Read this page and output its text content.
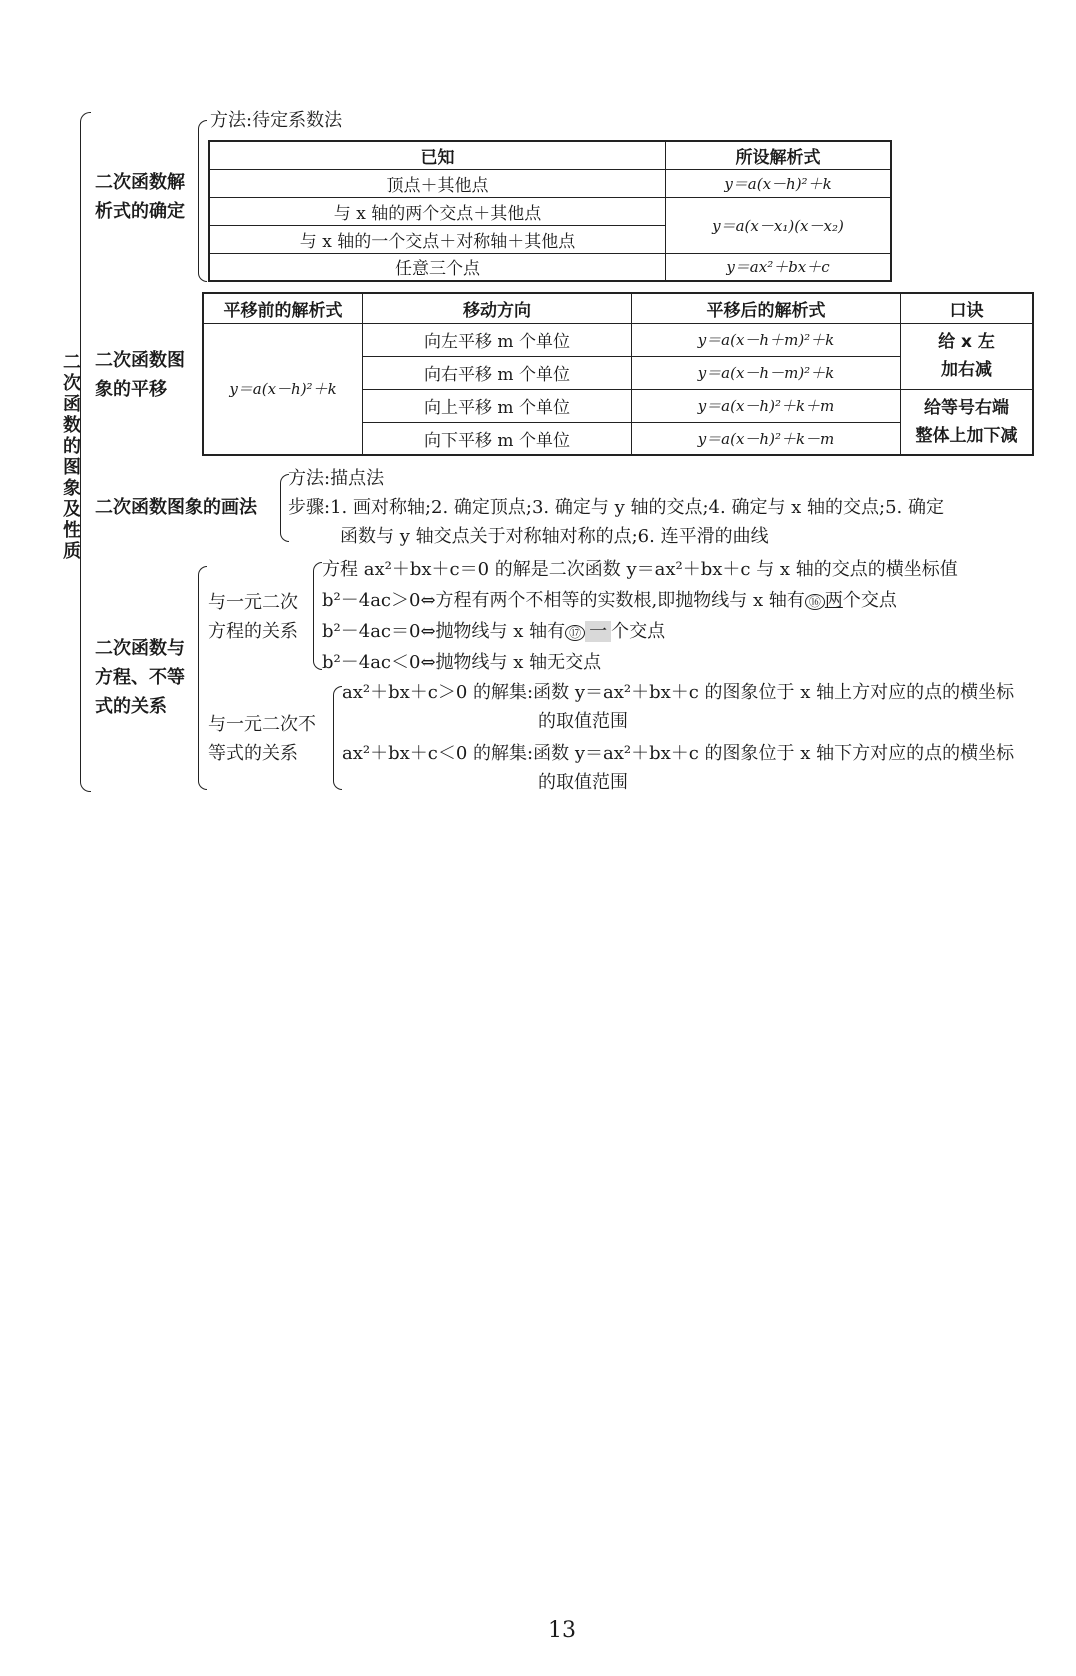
二次函数的图象及性质
二次函数解
析式的确定
方法:待定系数法
已知	所设解析式
顶点＋其他点	y＝a(x－h)²＋k
与 x 轴的两个交点＋其他点	y＝a(x－x₁)(x－x₂)
与 x 轴的一个交点＋对称轴＋其他点	
任意三个点	y＝ax²＋bx＋c
二次函数图
象的平移
平移前的解析式	移动方向	平移后的解析式	口诀
y＝a(x－h)²＋k	向左平移 m 个单位	y＝a(x－h＋m)²＋k	给 x 左
加右减

	向右平移 m 个单位	y＝a(x－h－m)²＋k	
	向上平移 m 个单位	y＝a(x－h)²＋k＋m	给等号右端
整体上加下减

	向下平移 m 个单位	y＝a(x－h)²＋k－m	
二次函数图象的画法
方法:描点法
步骤:1. 画对称轴;2. 确定顶点;3. 确定与 y 轴的交点;4. 确定与 x 轴的交点;5. 确定
函数与 y 轴交点关于对称轴对称的点;6. 连平滑的曲线
二次函数与
方程、不等
式的关系
与一元二次
方程的关系
方程 ax²＋bx＋c＝0 的解是二次函数 y＝ax²＋bx＋c 与 x 轴的交点的横坐标值
b²－4ac＞0⇔方程有两个不相等的实数根,即抛物线与 x 轴有 ⑯ 两个交点
b²－4ac＝0⇔抛物线与 x 轴有 ⑰ 一 个交点
b²－4ac＜0⇔抛物线与 x 轴无交点
与一元二次不
等式的关系
ax²＋bx＋c＞0 的解集:函数 y＝ax²＋bx＋c 的图象位于 x 轴上方对应的点的横坐标
的取值范围
ax²＋bx＋c＜0 的解集:函数 y＝ax²＋bx＋c 的图象位于 x 轴下方对应的点的横坐标
的取值范围
13
